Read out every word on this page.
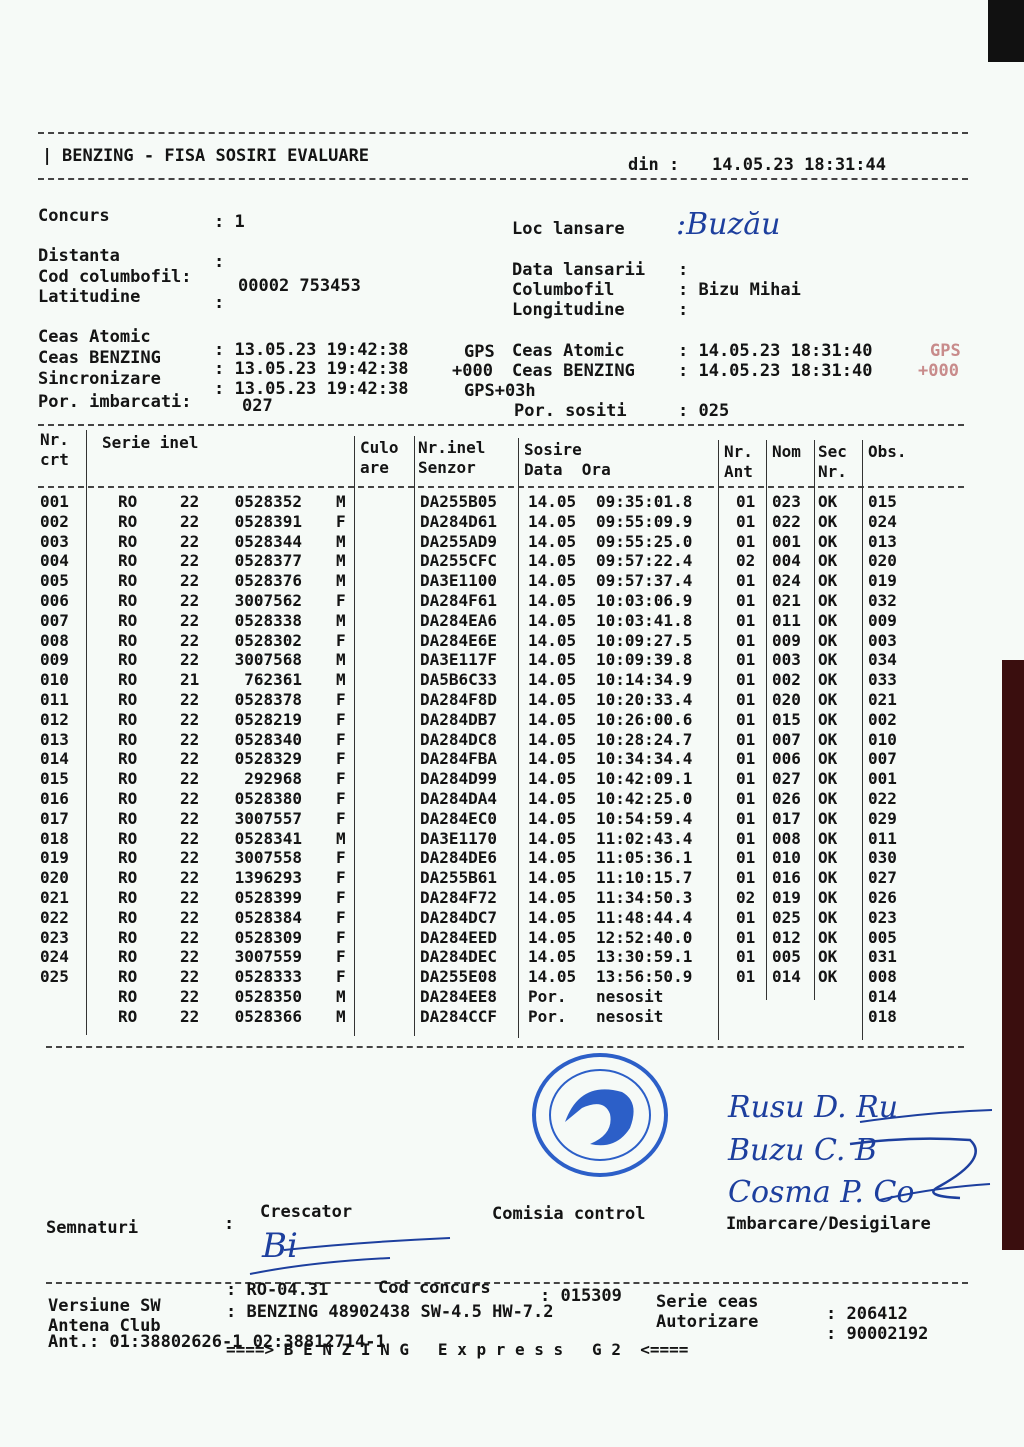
| BENZING - FISA SOSIRI EVALUARE	din : 14.05.23 18:31:44
Concurs	: 1	Loc lansare :Buzău
Distanta	:
Cod columbofil:	00002 753453
Latitudine	:
Data lansarii :
Columbofil	: Bizu Mihai
Longitudine	:
Ceas Atomic
: 13.05.23 19:42:38	GPS
Ceas BENZING
: 13.05.23 19:42:38	+000
Sincronizare	: 13.05.23 19:42:38	GPS+03h
Por. imbarcati:	027
Ceas Atomic	: 14.05.23 18:31:40	GPS
Ceas BENZING	: 14.05.23 18:31:40	+000
Por. sositi	: 025
Nr.
crt
Serie inel	Culo
are
Nr.inel
Senzor
Sosire
Data  Ora
Nr.
Ant
Nom Sec
Nr.
Obs.
001	RO	22	0528352 M	DA255B05 14.05 09:35:01.8	01 023 OK 015
002	RO	22	0528391 F	DA284D61 14.05 09:55:09.9	01 022 OK 024
003	RO	22	0528344 M	DA255AD9 14.05 09:55:25.0	01 001 OK 013
004	RO	22	0528377 M	DA255CFC 14.05 09:57:22.4	02 004 OK 020
005	RO	22	0528376 M	DA3E1100 14.05 09:57:37.4	01 024 OK 019
006	RO	22	3007562 F	DA284F61 14.05 10:03:06.9	01 021 OK 032
007	RO	22	0528338 M	DA284EA6 14.05 10:03:41.8	01 011 OK 009
008	RO	22	0528302 F	DA284E6E 14.05 10:09:27.5	01 009 OK 003
009	RO	22	3007568 M	DA3E117F 14.05 10:09:39.8	01 003 OK 034
010	RO	21	762361 M	DA5B6C33 14.05 10:14:34.9	01 002 OK 033
011	RO	22	0528378 F	DA284F8D 14.05 10:20:33.4	01 020 OK 021
012	RO	22	0528219 F	DA284DB7 14.05 10:26:00.6	01 015 OK 002
013	RO	22	0528340 F	DA284DC8 14.05 10:28:24.7	01 007 OK 010
014	RO	22	0528329 F	DA284FBA 14.05 10:34:34.4	01 006 OK 007
015	RO	22	292968 F	DA284D99 14.05 10:42:09.1	01 027 OK 001
016	RO	22	0528380 F	DA284DA4 14.05 10:42:25.0	01 026 OK 022
017	RO	22	3007557 F	DA284EC0 14.05 10:54:59.4	01 017 OK 029
018	RO	22	0528341 M	DA3E1170 14.05 11:02:43.4	01 008 OK 011
019	RO	22	3007558 F	DA284DE6 14.05 11:05:36.1	01 010 OK 030
020	RO	22	1396293 F	DA255B61 14.05 11:10:15.7	01 016 OK 027
021	RO	22	0528399 F	DA284F72 14.05 11:34:50.3	02 019 OK 026
022	RO	22	0528384 F	DA284DC7 14.05 11:48:44.4	01 025 OK 023
023	RO	22	0528309 F	DA284EED 14.05 12:52:40.0	01 012 OK 005
024	RO	22	3007559 F	DA284DEC 14.05 13:30:59.1	01 005 OK 031
025	RO	22	0528333 F	DA255E08 14.05 13:56:50.9	01 014 OK 008
RO	22	0528350 M	DA284EE8 Por. nesosit	014
RO	22	0528366 M	DA284CCF Por. nesosit	018
Rusu D. Ru
Buzu C. B
Cosma P. Co
Semnaturi	:
Crescator	Comisia control	Imbarcare/Desigilare
Bi
Versiune SW
: RO-04.31	Cod concurs	: 015309 Serie ceas
: 206412
Antena Club
: BENZING 48902438 SW-4.5 HW-7.2	Autorizare
: 90002192
Ant.: 01:38802626-1 02:38812714-1
====> B E N Z I N G   E x p r e s s   G 2  <====
